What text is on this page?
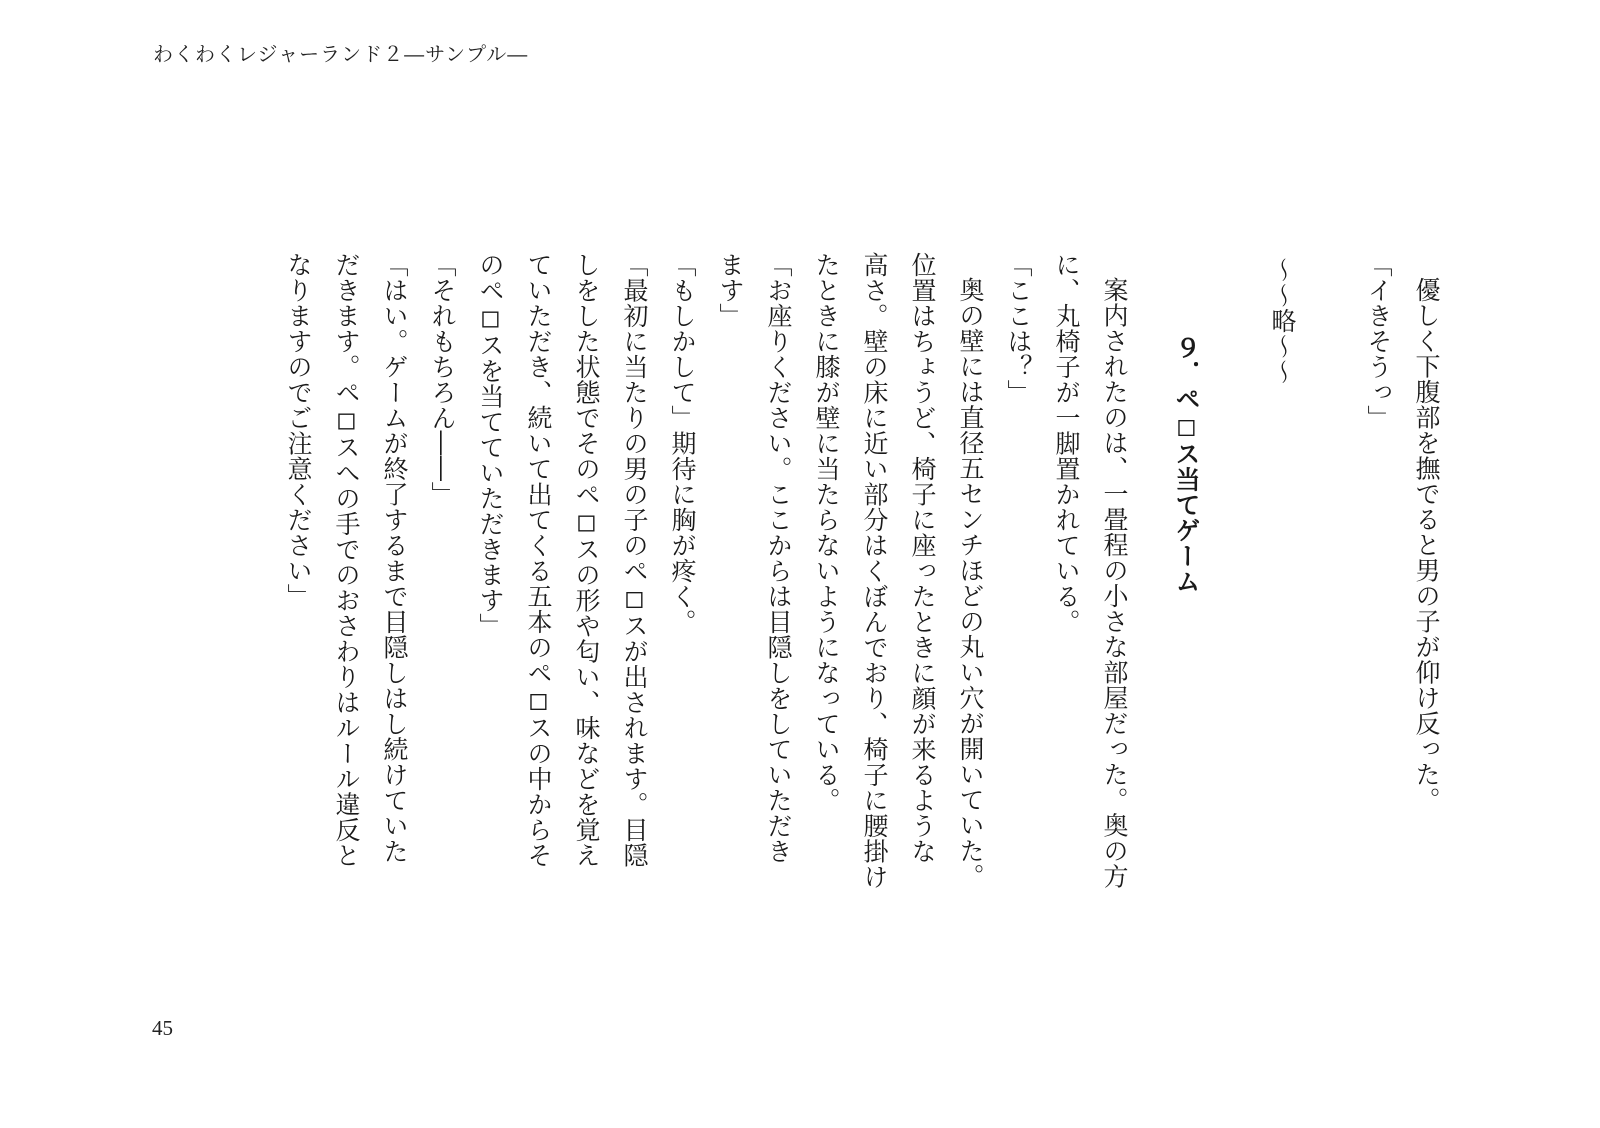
わくわくレジャーランド２―サンプル―

優しく下腹部を撫でると男の子が仰け反った。

「イきそうっ」

～～略～～

９．ペ◻ス当てゲーム

案内されたのは、一畳程の小さな部屋だった。奥の方

に、丸椅子が一脚置かれている。

「ここは？」

奥の壁には直径五センチほどの丸い穴が開いていた。

位置はちょうど、椅子に座ったときに顔が来るような

高さ。壁の床に近い部分はくぼんでおり、椅子に腰掛け

たときに膝が壁に当たらないようになっている。

「お座りください。ここからは目隠しをしていただき

ます」

「もしかして」期待に胸が疼く。

「最初に当たりの男の子のペ◻スが出されます。目隠

しをした状態でそのペ◻スの形や匂い、味などを覚え

ていただき、続いて出てくる五本のペ◻スの中からそ

のペ◻スを当てていただきます」

「それもちろん――」

「はい。ゲームが終了するまで目隠しはし続けていた

だきます。ペ◻スへの手でのおさわりはルール違反と

なりますのでご注意ください」

45
